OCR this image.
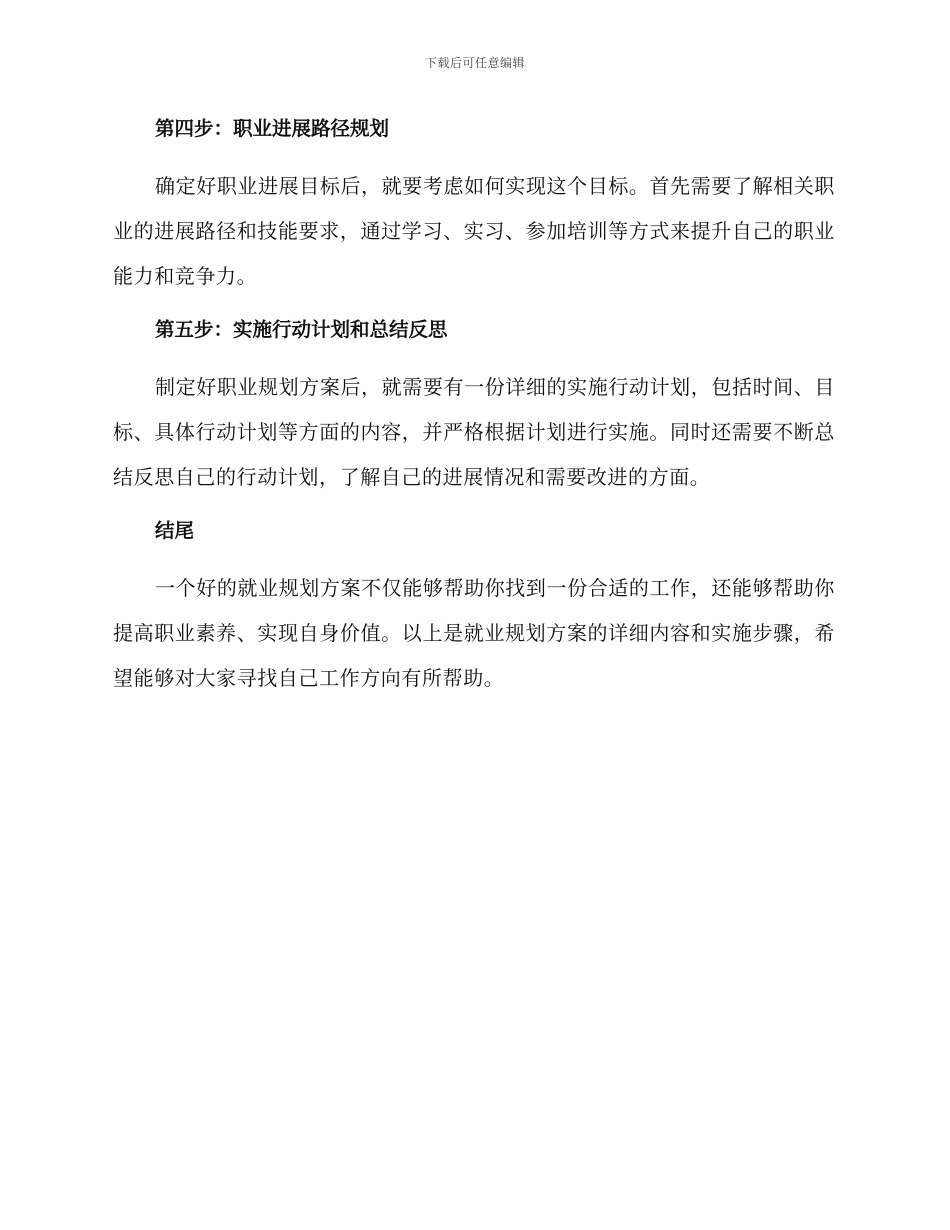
下载后可任意编辑
第四步：职业进展路径规划

确定好职业进展目标后，就要考虑如何实现这个目标。首先需要了解相关职业的进展路径和技能要求，通过学习、实习、参加培训等方式来提升自己的职业能力和竞争力。

第五步：实施行动计划和总结反思

制定好职业规划方案后，就需要有一份详细的实施行动计划，包括时间、目标、具体行动计划等方面的内容，并严格根据计划进行实施。同时还需要不断总结反思自己的行动计划，了解自己的进展情况和需要改进的方面。

结尾

一个好的就业规划方案不仅能够帮助你找到一份合适的工作，还能够帮助你提高职业素养、实现自身价值。以上是就业规划方案的详细内容和实施步骤，希望能够对大家寻找自己工作方向有所帮助。
